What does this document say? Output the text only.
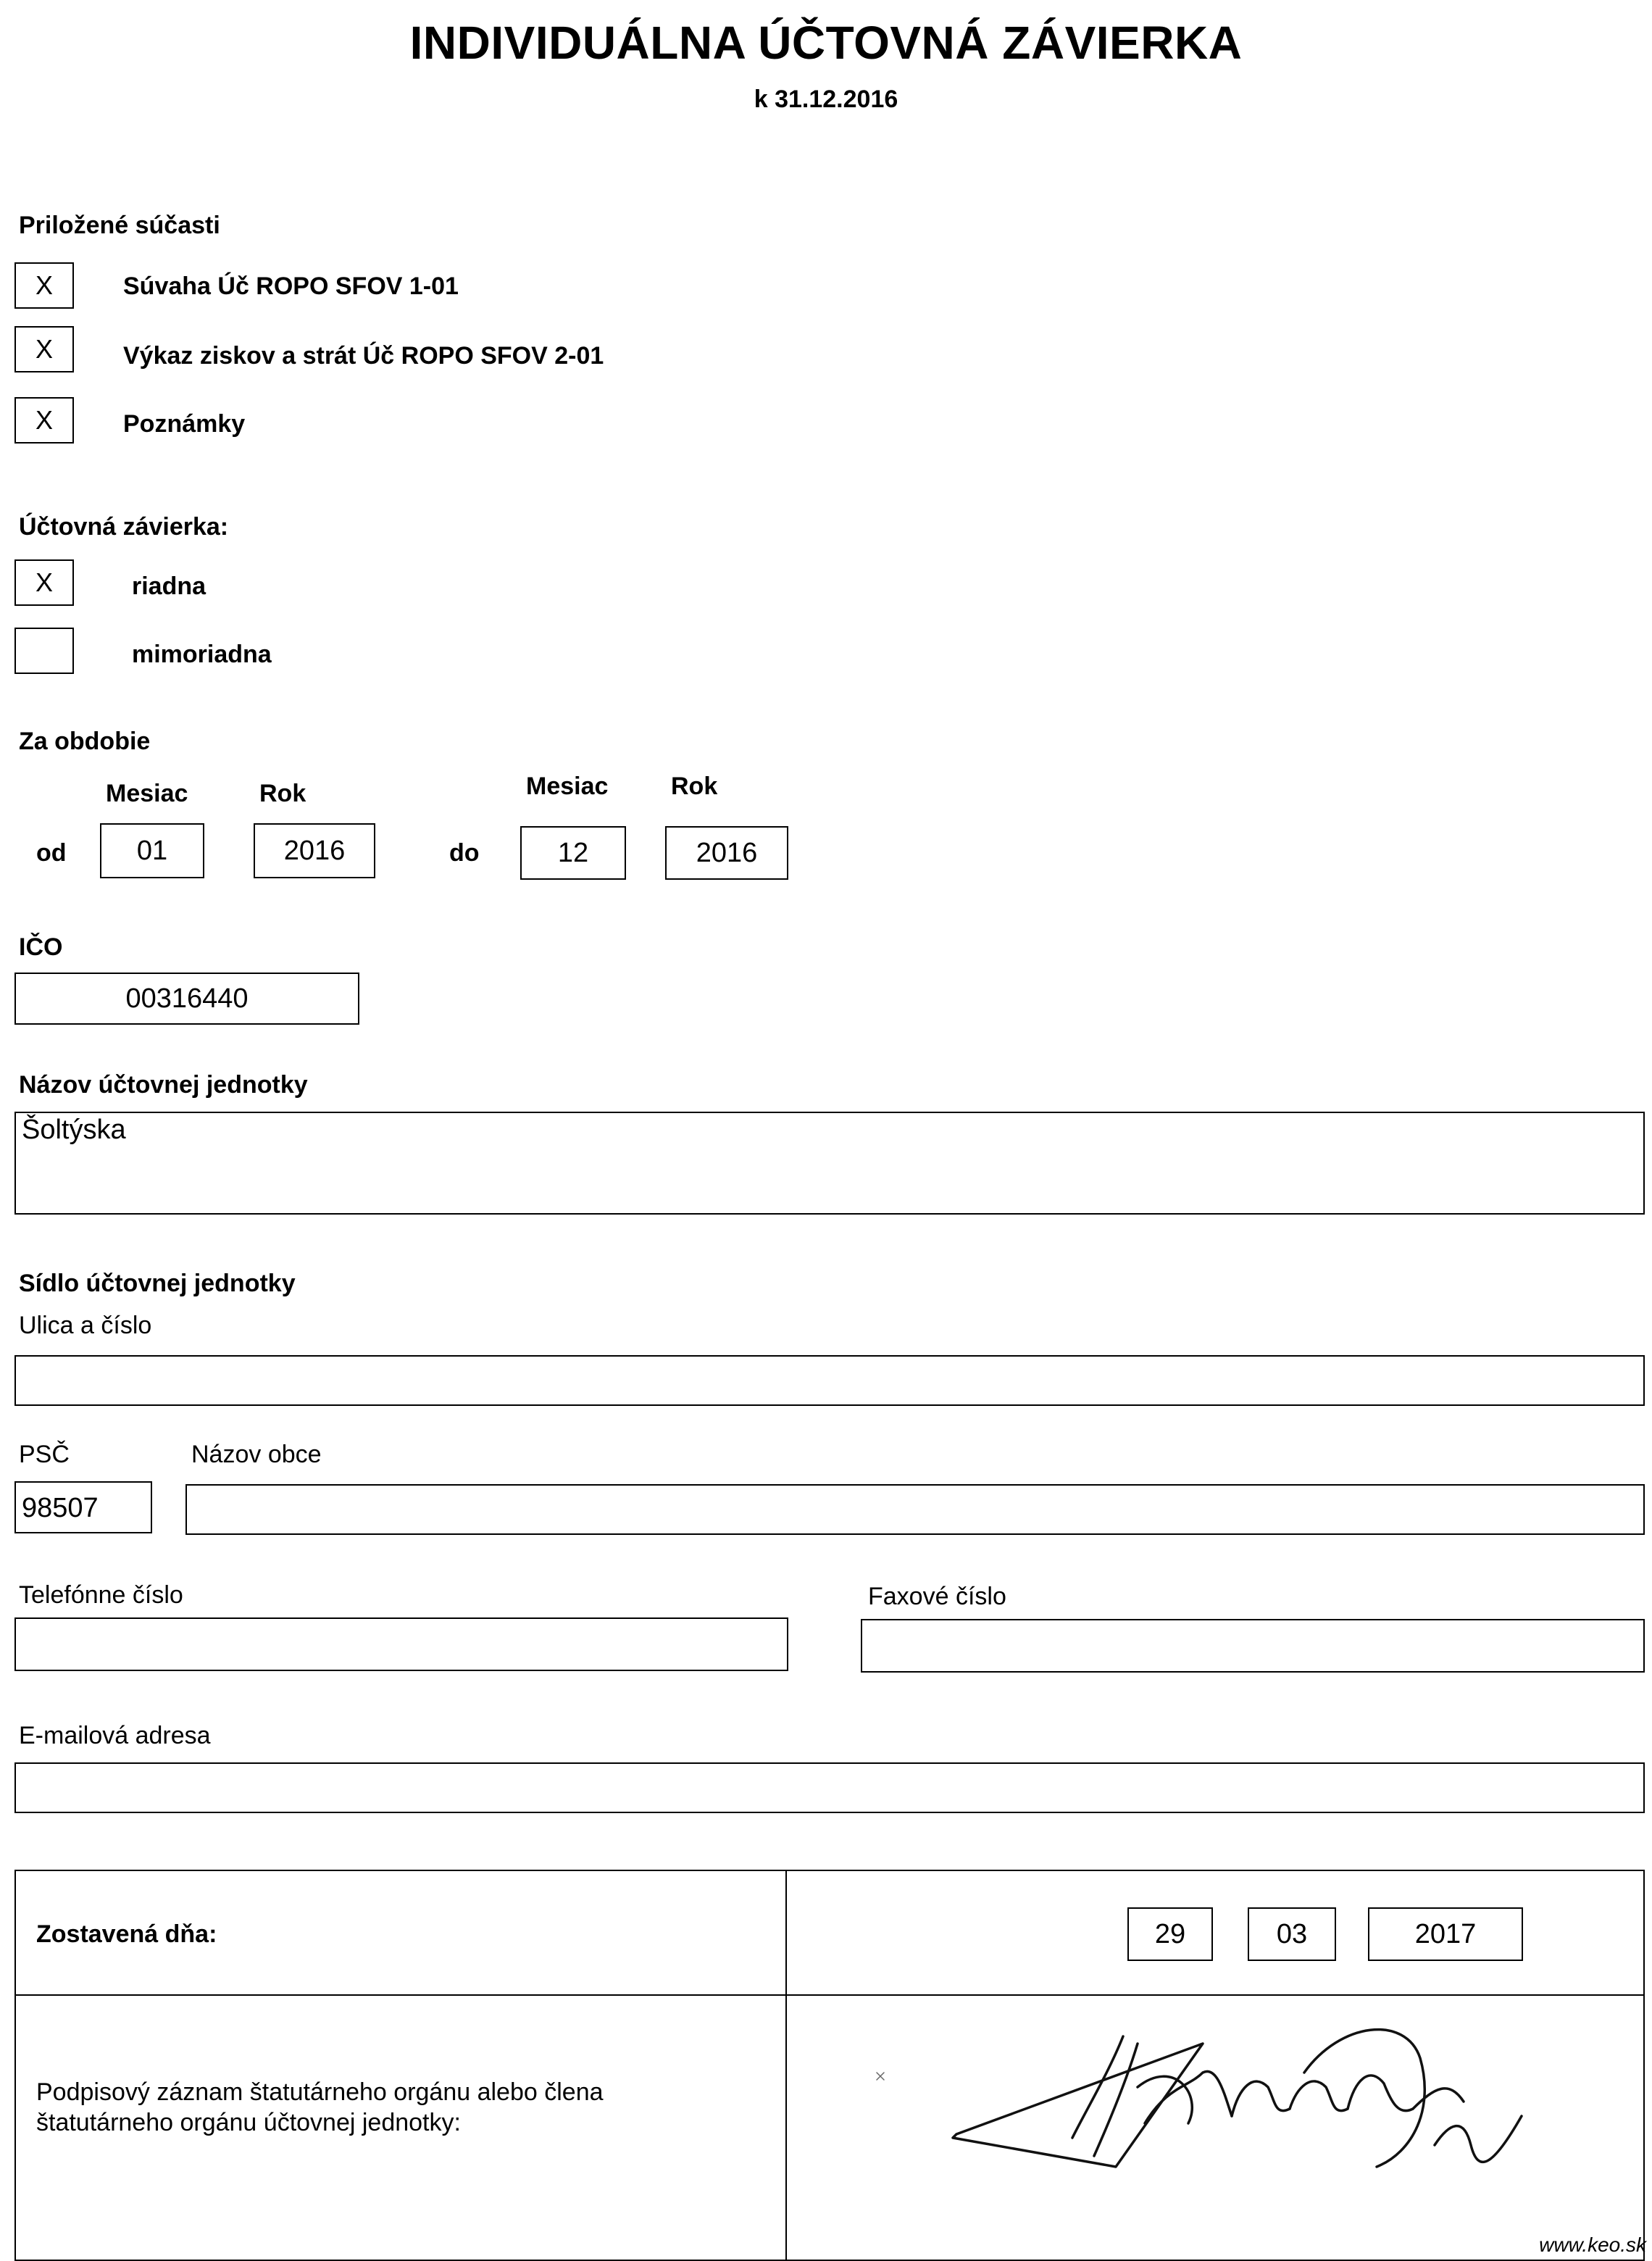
INDIVIDUÁLNA ÚČTOVNÁ ZÁVIERKA
k 31.12.2016
Priložené súčasti
X	Súvaha Úč ROPO SFOV 1-01
X	Výkaz ziskov a strát Úč ROPO SFOV 2-01
X	Poznámky
Účtovná závierka:
X	riadna
mimoriadna
Za obdobie
Mesiac	Rok	Mesiac	Rok
od	01	2016	do	12	2016
IČO
00316440
Názov účtovnej jednotky
Šoltýska
Sídlo účtovnej jednotky
Ulica a číslo
PSČ	Názov obce
98507
Telefónne číslo	Faxové číslo
E-mailová adresa
Zostavená dňa:	29	03	2017
Podpisový záznam štatutárneho orgánu alebo člena
štatutárneho orgánu účtovnej jednotky:
www.keo.sk
